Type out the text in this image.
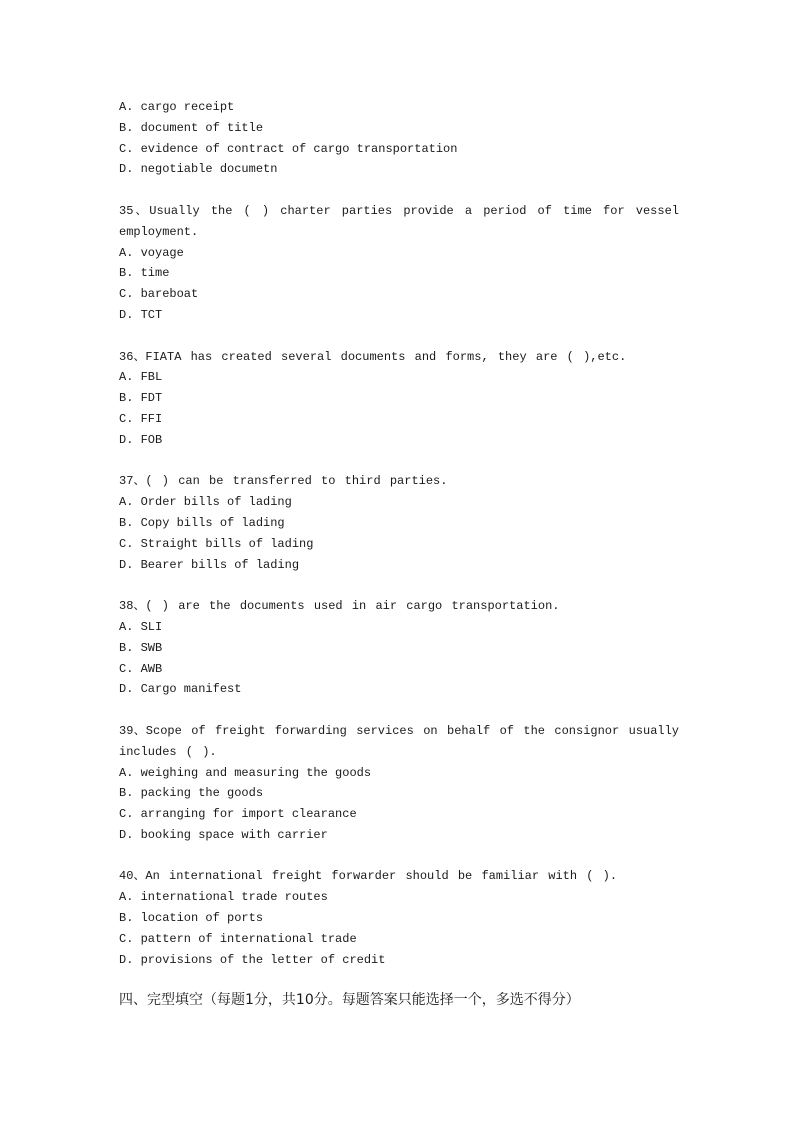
A. cargo receipt
B. document of title
C. evidence of contract of cargo transportation
D. negotiable documetn
35、Usually the ( ) charter parties provide a period of time for vessel employment.
A. voyage
B. time
C. bareboat
D. TCT
36、FIATA has created several documents and forms, they are ( ),etc.
A. FBL
B. FDT
C. FFI
D. FOB
37、( ) can be transferred to third parties.
A. Order bills of lading
B. Copy bills of lading
C. Straight bills of lading
D. Bearer bills of lading
38、( ) are the documents used in air cargo transportation.
A. SLI
B. SWB
C. AWB
D. Cargo manifest
39、Scope of freight forwarding services on behalf of the consignor usually includes ( ).
A. weighing and measuring the goods
B. packing the goods
C. arranging for import clearance
D. booking space with carrier
40、An international freight forwarder should be familiar with ( ).
A. international trade routes
B. location of ports
C. pattern of international trade
D. provisions of the letter of credit
四、完型填空（每题1分，共10分。每题答案只能选择一个，多选不得分）
